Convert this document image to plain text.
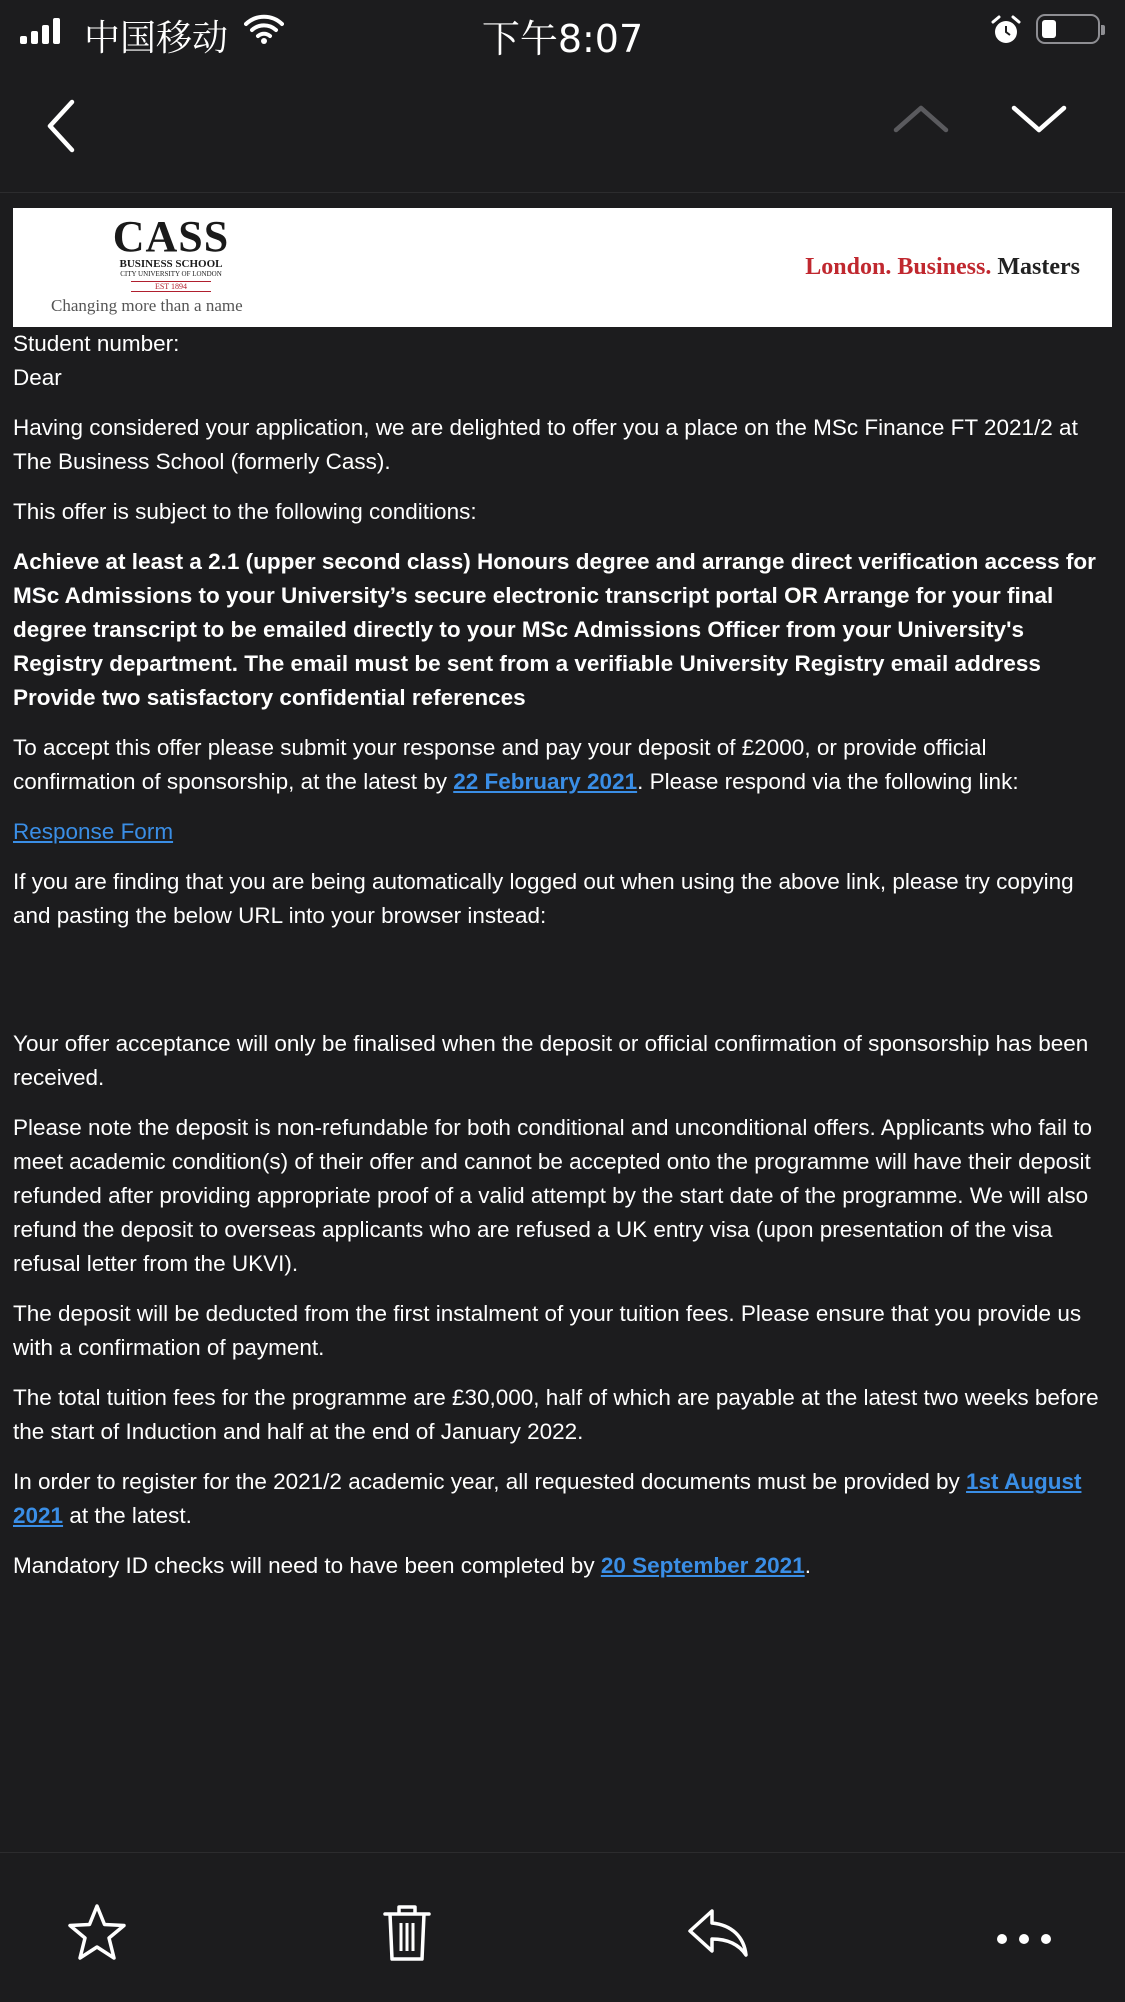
中国移动	下午8:07
CASS
BUSINESS SCHOOL
CITY UNIVERSITY OF LONDON
EST 1894
Changing more than a name
London. Business. Masters

Student number:

Dear

Having considered your application, we are delighted to offer you a place on the MSc Finance FT 2021/2 at The Business School (formerly Cass).

This offer is subject to the following conditions:

Achieve at least a 2.1 (upper second class) Honours degree and arrange direct verification access for MSc Admissions to your University’s secure electronic transcript portal OR Arrange for your final degree transcript to be emailed directly to your MSc Admissions Officer from your University's Registry department. The email must be sent from a verifiable University Registry email address

Provide two satisfactory confidential references

To accept this offer please submit your response and pay your deposit of £2000, or provide official confirmation of sponsorship, at the latest by 22 February 2021. Please respond via the following link:

Response Form

If you are finding that you are being automatically logged out when using the above link, please try copying and pasting the below URL into your browser instead:

Your offer acceptance will only be finalised when the deposit or official confirmation of sponsorship has been received.

Please note the deposit is non-refundable for both conditional and unconditional offers. Applicants who fail to meet academic condition(s) of their offer and cannot be accepted onto the programme will have their deposit refunded after providing appropriate proof of a valid attempt by the start date of the programme. We will also refund the deposit to overseas applicants who are refused a UK entry visa (upon presentation of the visa refusal letter from the UKVI).

The deposit will be deducted from the first instalment of your tuition fees. Please ensure that you provide us with a confirmation of payment.

The total tuition fees for the programme are £30,000, half of which are payable at the latest two weeks before the start of Induction and half at the end of January 2022.

In order to register for the 2021/2 academic year, all requested documents must be provided by 1st August 2021 at the latest.

Mandatory ID checks will need to have been completed by 20 September 2021.
